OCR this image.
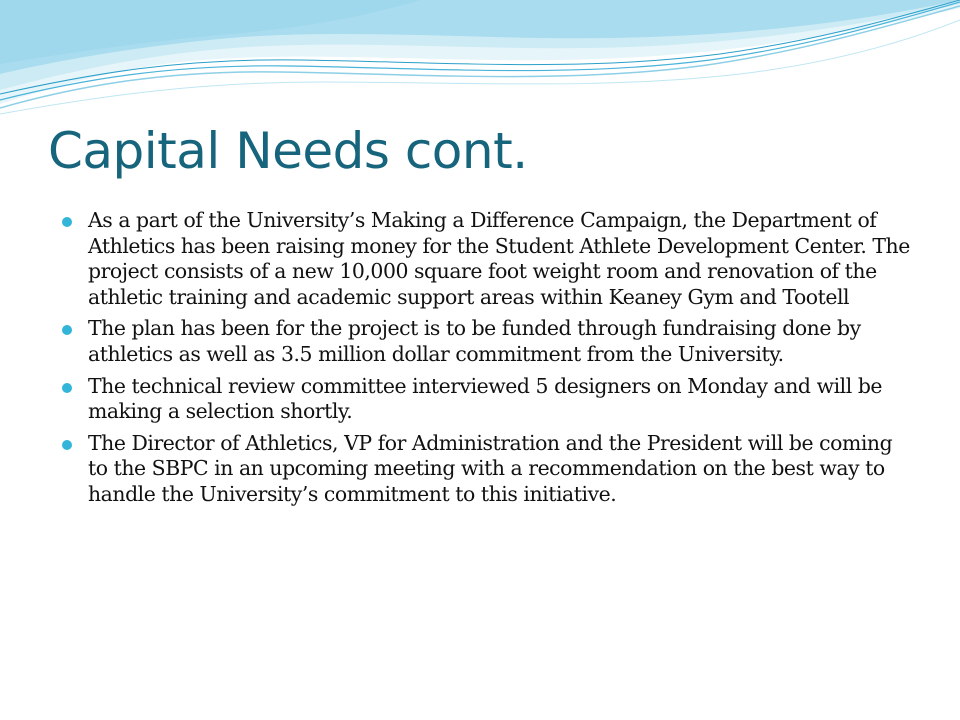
Capital Needs cont.
As a part of the University’s Making a Difference Campaign, the Department of Athletics has been raising money for the Student Athlete Development Center. The project consists of a new 10,000 square foot weight room and renovation of the athletic training and academic support areas within Keaney Gym and Tootell
The plan has been for the project is to be funded through fundraising done by athletics as well as 3.5 million dollar commitment from the University.
The technical review committee interviewed 5 designers on Monday and will be making a selection shortly.
The Director of Athletics, VP for Administration and the President will be coming to the SBPC in an upcoming meeting with a recommendation on the best way to handle the University’s commitment to this initiative.
